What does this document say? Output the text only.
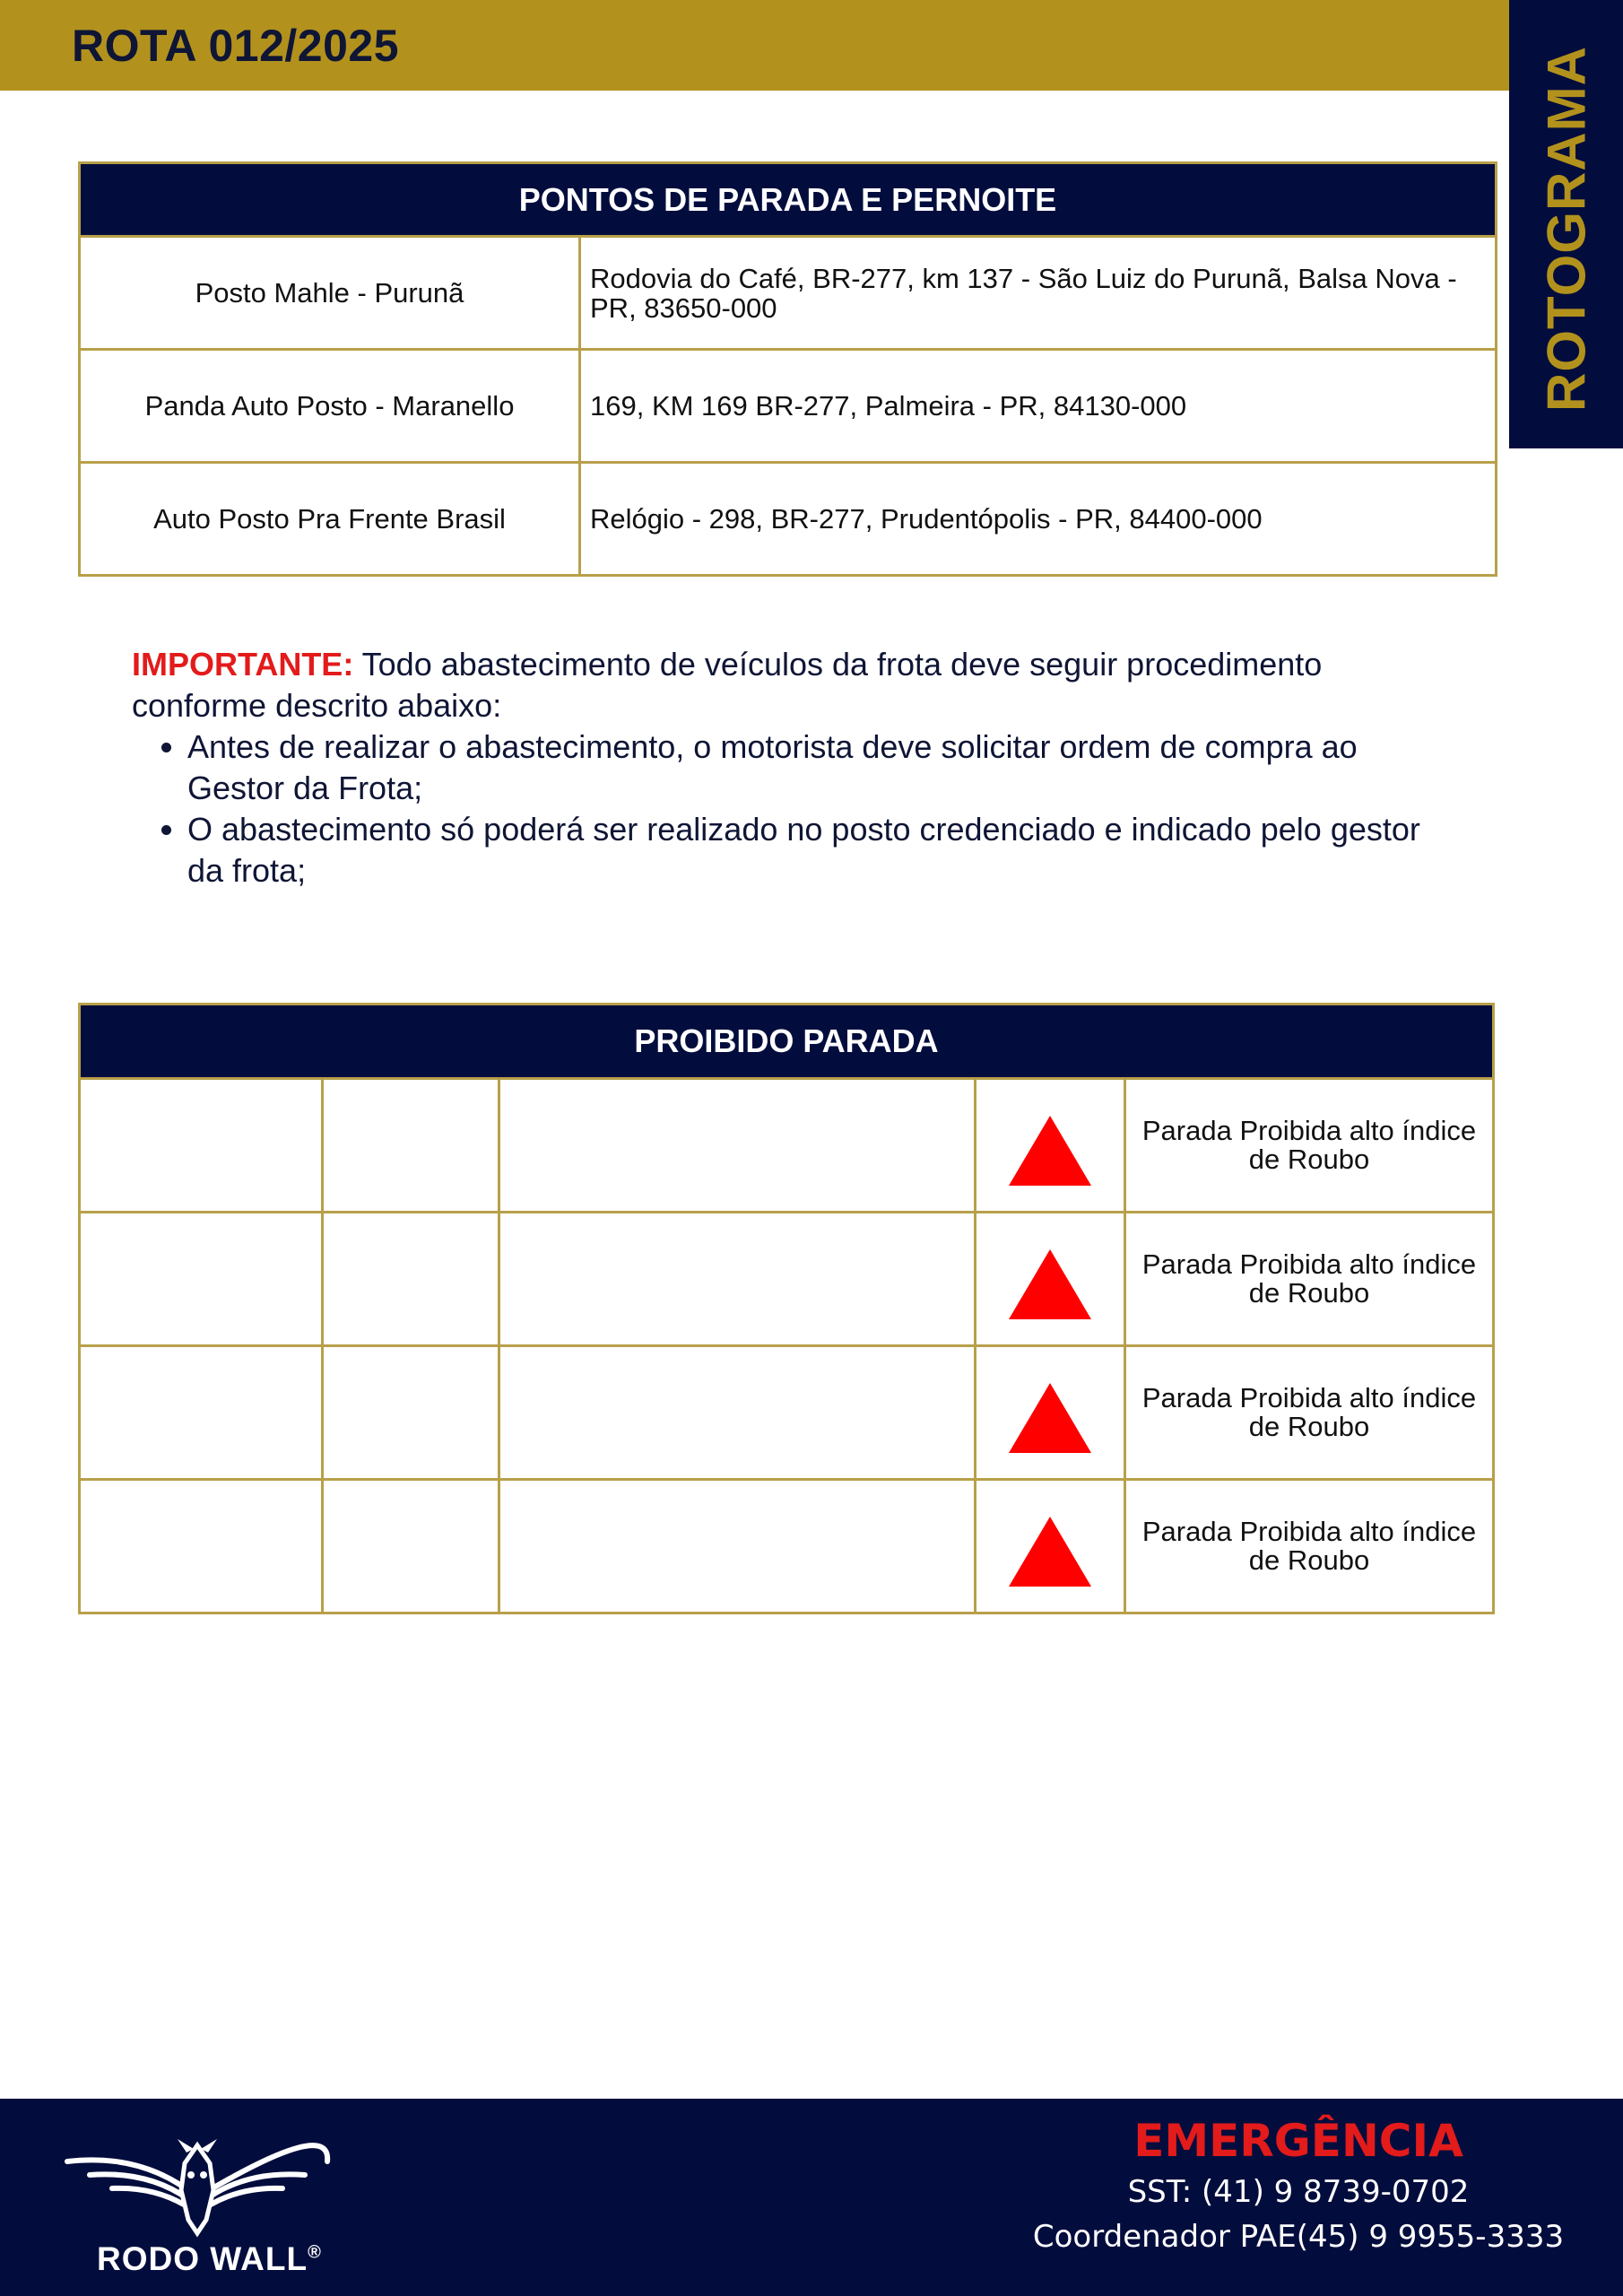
ROTA 012/2025
ROTOGRAMA
PONTOS DE PARADA E PERNOITE	
Posto Mahle - Purunã	Rodovia do Café, BR-277, km 137 - São Luiz do Purunã, Balsa Nova - PR, 83650-000
Panda Auto Posto - Maranello	169, KM 169 BR-277, Palmeira - PR, 84130-000
Auto Posto Pra Frente Brasil	Relógio - 298, BR-277, Prudentópolis - PR, 84400-000

IMPORTANTE: Todo abastecimento de veículos da frota deve seguir procedimento conforme descrito abaixo:

• Antes de realizar o abastecimento, o motorista deve solicitar ordem de compra ao Gestor da Frota;
• O abastecimento só poderá ser realizado no posto credenciado e indicado pelo gestor da frota;
PROIBIDO PARADA				
				Parada Proibida alto índice de Roubo
				Parada Proibida alto índice de Roubo
				Parada Proibida alto índice de Roubo
				Parada Proibida alto índice de Roubo

RODO WALL®

EMERGÊNCIA

SST: (41) 9 8739-0702

Coordenador PAE(45) 9 9955-3333
